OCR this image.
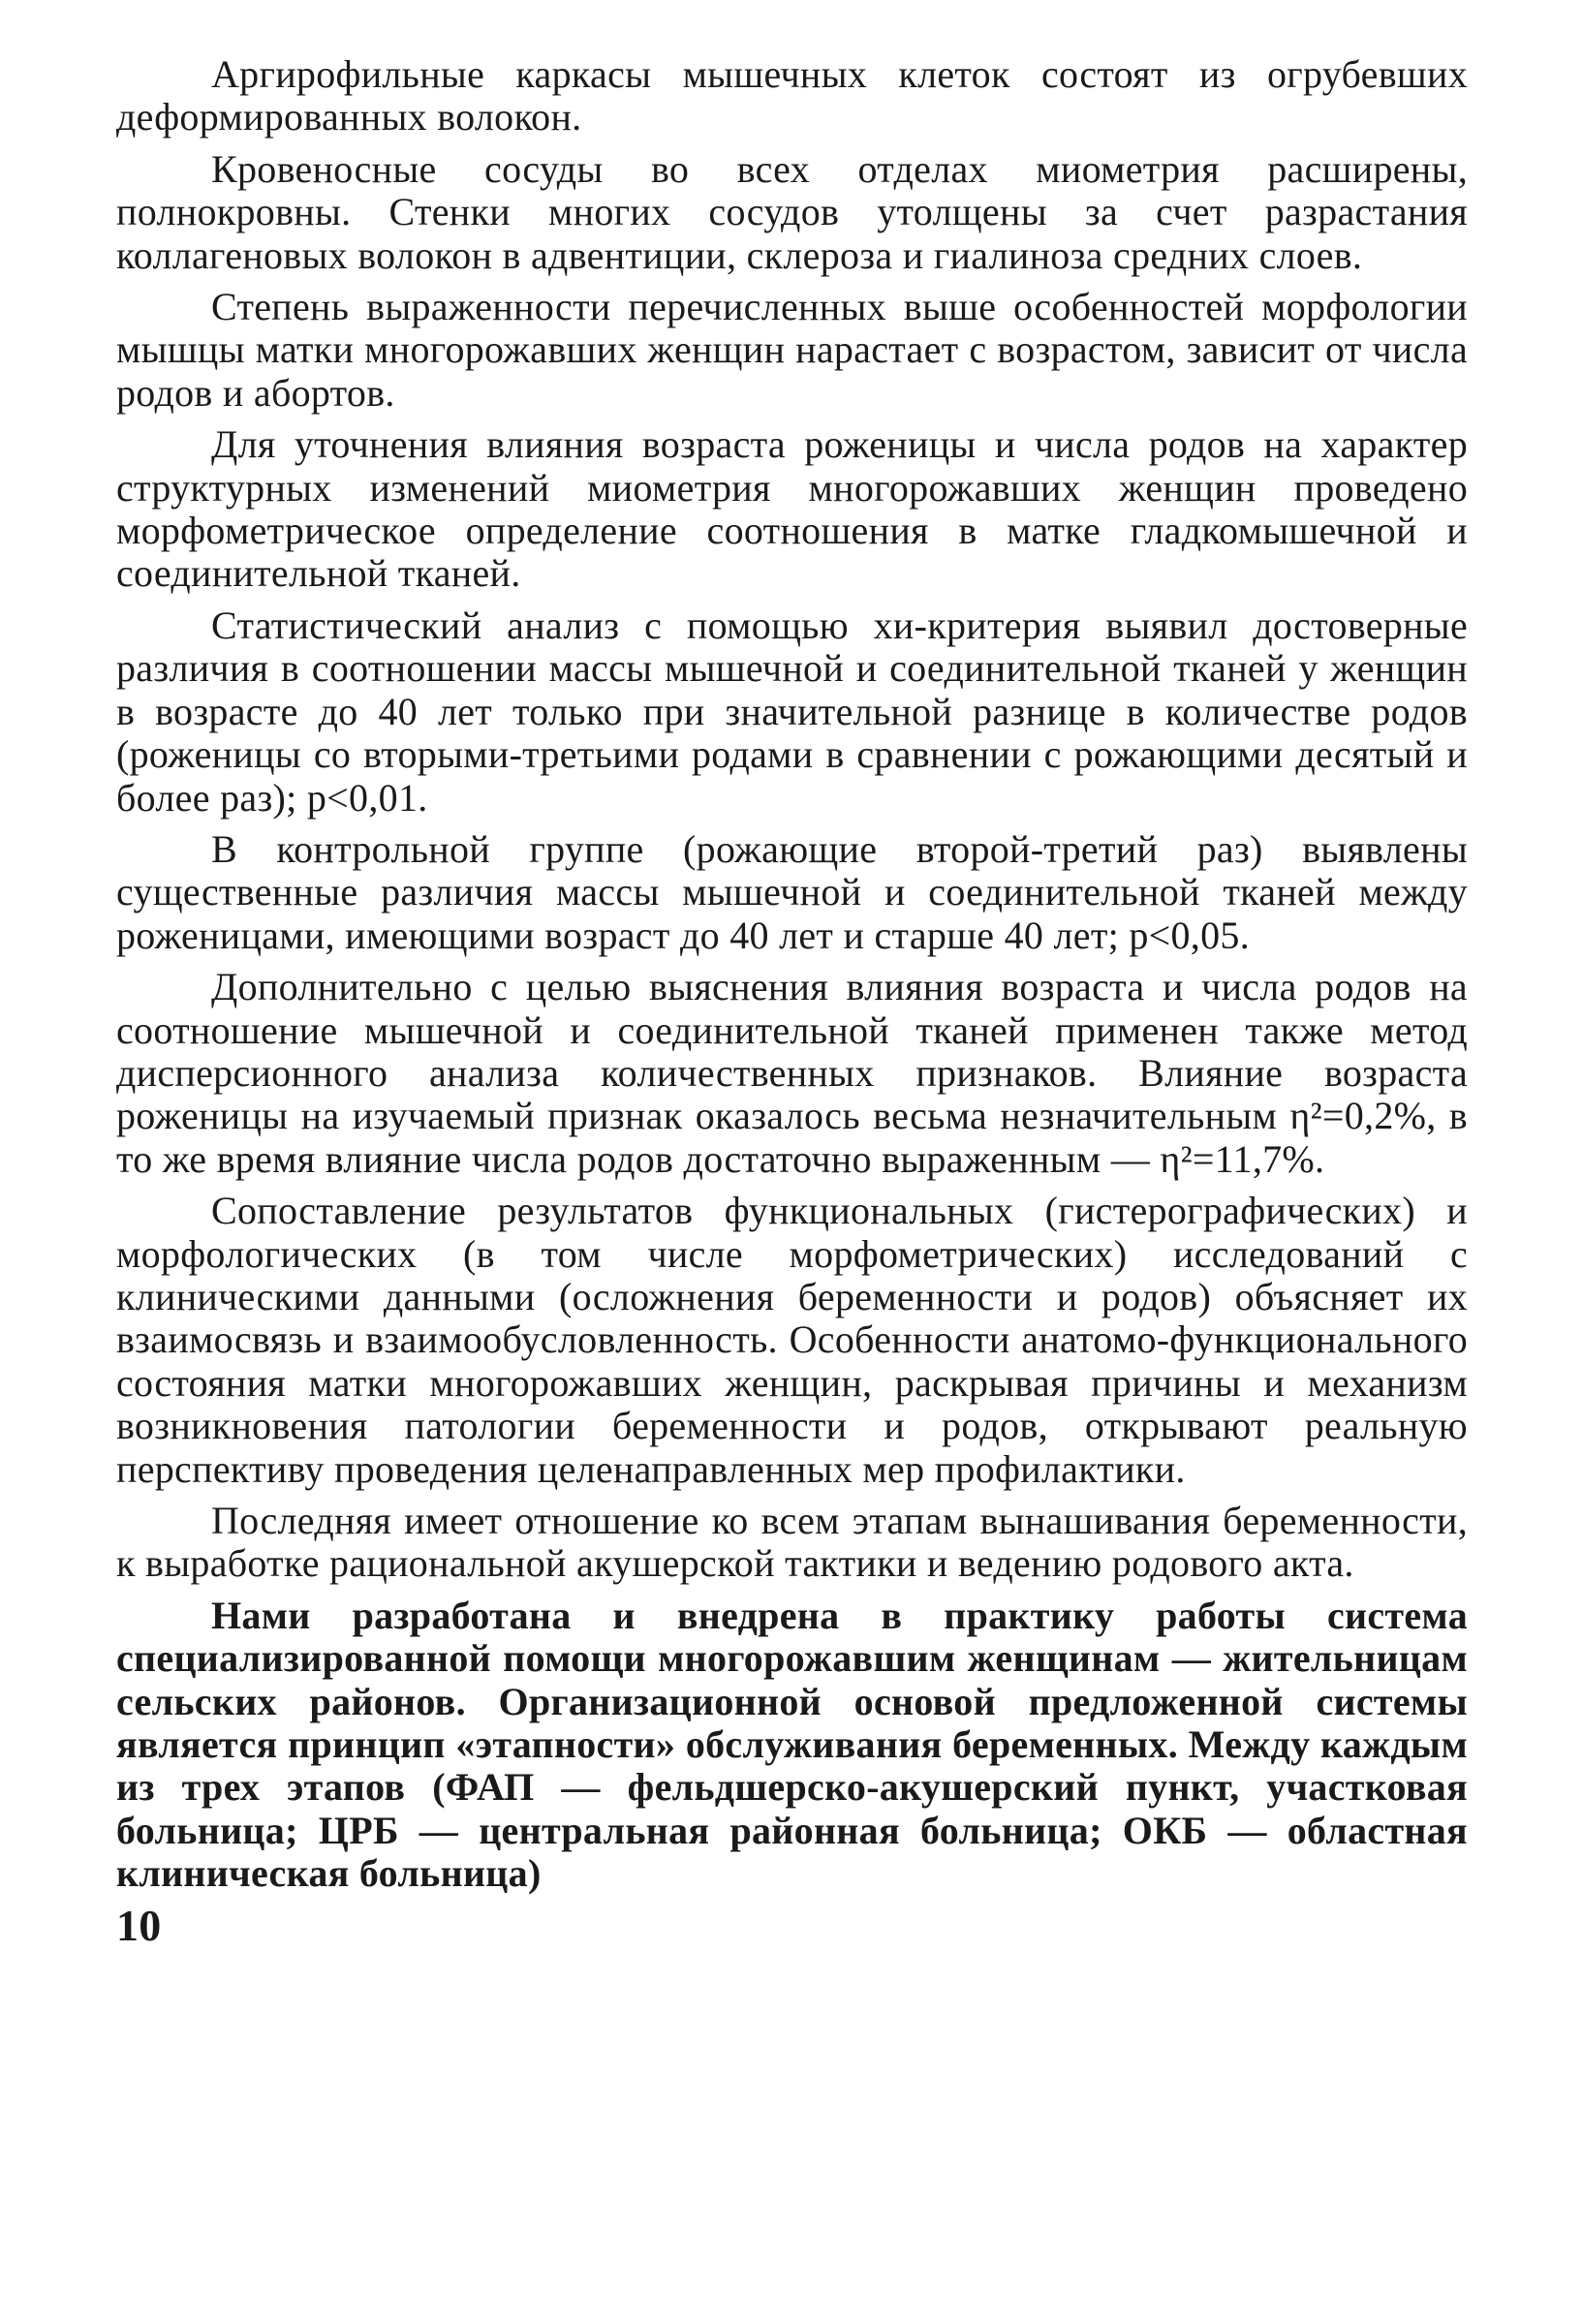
Аргирофильные каркасы мышечных клеток состоят из огрубевших деформированных волокон.

Кровеносные сосуды во всех отделах миометрия расширены, полнокровны. Стенки многих сосудов утолщены за счет разрастания коллагеновых волокон в адвентиции, склероза и гиалиноза средних слоев.

Степень выраженности перечисленных выше особенностей морфологии мышцы матки многорожавших женщин нарастает с возрастом, зависит от числа родов и абортов.

Для уточнения влияния возраста роженицы и числа родов на характер структурных изменений миометрия многорожавших женщин проведено морфометрическое определение соотношения в матке гладкомышечной и соединительной тканей.

Статистический анализ с помощью хи-критерия выявил достоверные различия в соотношении массы мышечной и соединительной тканей у женщин в возрасте до 40 лет только при значительной разнице в количестве родов (роженицы со вторыми-третьими родами в сравнении с рожающими десятый и более раз); p<0,01.

В контрольной группе (рожающие второй-третий раз) выявлены существенные различия массы мышечной и соединительной тканей между роженицами, имеющими возраст до 40 лет и старше 40 лет; p<0,05.

Дополнительно с целью выяснения влияния возраста и числа родов на соотношение мышечной и соединительной тканей применен также метод дисперсионного анализа количественных признаков. Влияние возраста роженицы на изучаемый признак оказалось весьма незначительным η²=0,2%, в то же время влияние числа родов достаточно выраженным — η²=11,7%.

Сопоставление результатов функциональных (гистерографических) и морфологических (в том числе морфометрических) исследований с клиническими данными (осложнения беременности и родов) объясняет их взаимосвязь и взаимообусловленность. Особенности анатомо-функционального состояния матки многорожавших женщин, раскрывая причины и механизм возникновения патологии беременности и родов, открывают реальную перспективу проведения целенаправленных мер профилактики.

Последняя имеет отношение ко всем этапам вынашивания беременности, к выработке рациональной акушерской тактики и ведению родового акта.

Нами разработана и внедрена в практику работы система специализированной помощи многорожавшим женщинам — жительницам сельских районов. Организационной основой предложенной системы является принцип «этапности» обслуживания беременных. Между каждым из трех этапов (ФАП — фельдшерско-акушерский пункт, участковая больница; ЦРБ — центральная районная больница; ОКБ — областная клиническая больница)

10
